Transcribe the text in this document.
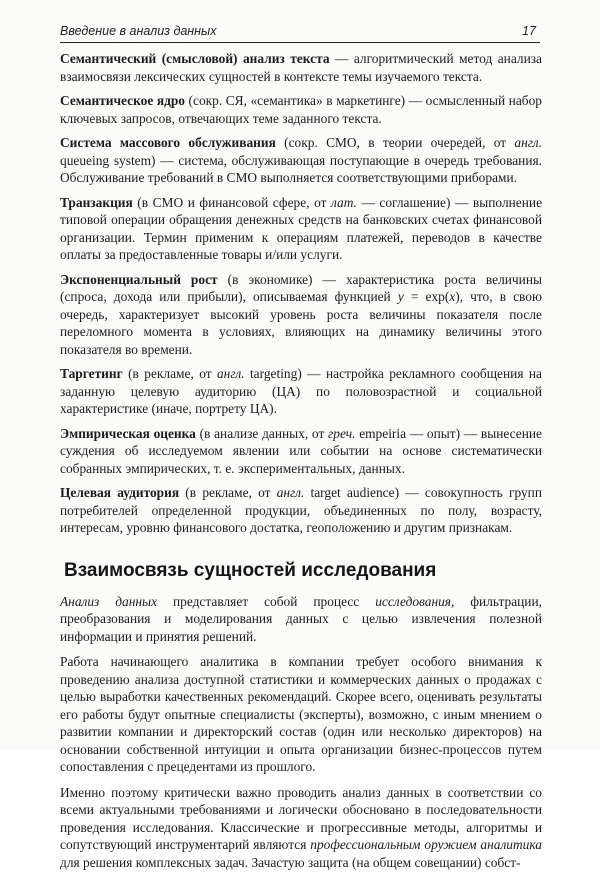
Введение в анализ данных	17
Семантический (смысловой) анализ текста — алгоритмический метод анализа взаимосвязи лексических сущностей в контексте темы изучаемого текста.
Семантическое ядро (сокр. СЯ, «семантика» в маркетинге) — осмысленный набор ключевых запросов, отвечающих теме заданного текста.
Система массового обслуживания (сокр. СМО, в теории очередей, от англ. queueing system) — система, обслуживающая поступающие в очередь требования. Обслуживание требований в СМО выполняется соответствующими приборами.
Транзакция (в СМО и финансовой сфере, от лат. — соглашение) — выполнение типовой операции обращения денежных средств на банковских счетах финансовой организации. Термин применим к операциям платежей, переводов в качестве оплаты за предоставленные товары и/или услуги.
Экспоненциальный рост (в экономике) — характеристика роста величины (спроса, дохода или прибыли), описываемая функцией y = exp(x), что, в свою очередь, характеризует высокий уровень роста величины показателя после переломного момента в условиях, влияющих на динамику величины этого показателя во времени.
Таргетинг (в рекламе, от англ. targeting) — настройка рекламного сообщения на заданную целевую аудиторию (ЦА) по половозрастной и социальной характеристике (иначе, портрету ЦА).
Эмпирическая оценка (в анализе данных, от греч. empeiria — опыт) — вынесение суждения об исследуемом явлении или событии на основе систематически собранных эмпирических, т. е. экспериментальных, данных.
Целевая аудитория (в рекламе, от англ. target audience) — совокупность групп потребителей определенной продукции, объединенных по полу, возрасту, интересам, уровню финансового достатка, геоположению и другим признакам.
Взаимосвязь сущностей исследования
Анализ данных представляет собой процесс исследования, фильтрации, преобразования и моделирования данных с целью извлечения полезной информации и принятия решений.
Работа начинающего аналитика в компании требует особого внимания к проведению анализа доступной статистики и коммерческих данных о продажах с целью выработки качественных рекомендаций. Скорее всего, оценивать результаты его работы будут опытные специалисты (эксперты), возможно, с иным мнением о развитии компании и директорский состав (один или несколько директоров) на основании собственной интуиции и опыта организации бизнес-процессов путем сопоставления с прецедентами из прошлого.
Именно поэтому критически важно проводить анализ данных в соответствии со всеми актуальными требованиями и логически обосновано в последовательности проведения исследования. Классические и прогрессивные методы, алгоритмы и сопутствующий инструментарий являются профессиональным оружием аналитика для решения комплексных задач. Зачастую защита (на общем совещании) собст-
